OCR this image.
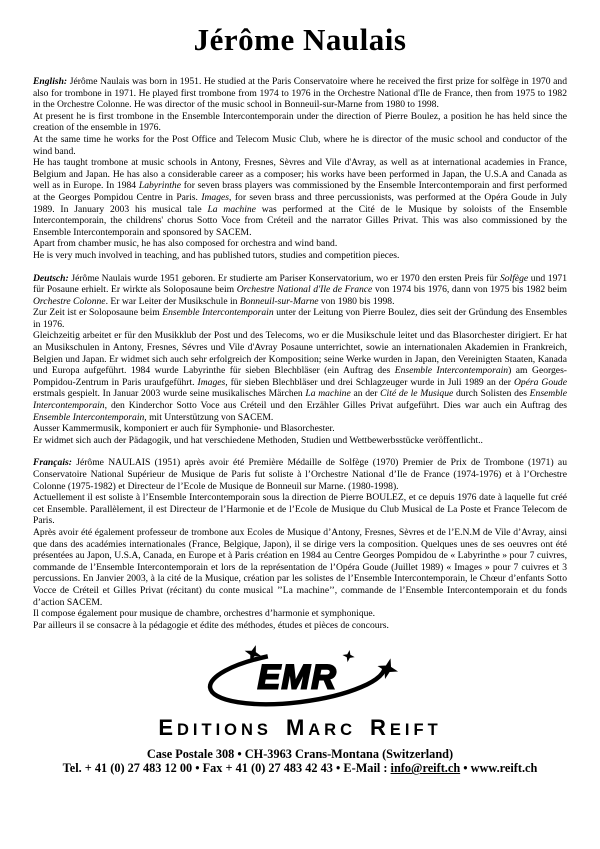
Jérôme Naulais

English: Jérôme Naulais was born in 1951. He studied at the Paris Conservatoire where he received the first prize for solfège in 1970 and also for trombone in 1971. He played first trombone from 1974 to 1976 in the Orchestre National d'Ile de France, then from 1975 to 1982 in the Orchestre Colonne. He was director of the music school in Bonneuil-sur-Marne from 1980 to 1998.

At present he is first trombone in the Ensemble Intercontemporain under the direction of Pierre Boulez, a position he has held since the creation of the ensemble in 1976.

At the same time he works for the Post Office and Telecom Music Club, where he is director of the music school and conductor of the wind band.

He has taught trombone at music schools in Antony, Fresnes, Sèvres and Vile d'Avray, as well as at international academies in France, Belgium and Japan. He has also a considerable career as a composer; his works have been performed in Japan, the U.S.A and Canada as well as in Europe. In 1984 Labyrinthe for seven brass players was commissioned by the Ensemble Intercontemporain and first performed at the Georges Pompidou Centre in Paris. Images, for seven brass and three percussionists, was performed at the Opéra Goude in July 1989. In January 2003 his musical tale La machine was performed at the Cité de le Musique by soloists of the Ensemble Intercontemporain, the childrens' chorus Sotto Voce from Créteil and the narrator Gilles Privat. This was also commissioned by the Ensemble Intercontemporain and sponsored by SACEM.

Apart from chamber music, he has also composed for orchestra and wind band.

He is very much involved in teaching, and has published tutors, studies and competition pieces.

Deutsch: Jérôme Naulais wurde 1951 geboren. Er studierte am Pariser Konservatorium, wo er 1970 den ersten Preis für Solfège und 1971 für Posaune erhielt. Er wirkte als Soloposaune beim Orchestre National d'Ile de France von 1974 bis 1976, dann von 1975 bis 1982 beim Orchestre Colonne. Er war Leiter der Musikschule in Bonneuil-sur-Marne von 1980 bis 1998.

Zur Zeit ist er Soloposaune beim Ensemble Intercontemporain unter der Leitung von Pierre Boulez, dies seit der Gründung des Ensembles in 1976.

Gleichzeitig arbeitet er für den Musikklub der Post und des Telecoms, wo er die Musikschule leitet und das Blasorchester dirigiert. Er hat an Musikschulen in Antony, Fresnes, Sévres und Vile d'Avray Posaune unterrichtet, sowie an internationalen Akademien in Frankreich, Belgien und Japan. Er widmet sich auch sehr erfolgreich der Komposition; seine Werke wurden in Japan, den Vereinigten Staaten, Kanada und Europa aufgeführt. 1984 wurde Labyrinthe für sieben Blechbläser (ein Auftrag des Ensemble Intercontemporain) am Georges-Pompidou-Zentrum in Paris uraufgeführt. Images, für sieben Blechbläser und drei Schlagzeuger wurde in Juli 1989 an der Opéra Goude erstmals gespielt. In Januar 2003 wurde seine musikalisches Märchen La machine an der Cité de le Musique durch Solisten des Ensemble Intercontemporain, den Kinderchor Sotto Voce aus Créteil und den Erzähler Gilles Privat aufgeführt. Dies war auch ein Auftrag des Ensemble Intercontemporain, mit Unterstützung von SACEM.

Ausser Kammermusik, komponiert er auch für Symphonie- und Blasorchester.

Er widmet sich auch der Pädagogik, und hat verschiedene Methoden, Studien und Wettbewerbsstücke veröffentlicht..

Français: Jérôme NAULAIS (1951) après avoir été Première Médaille de Solfège (1970) Premier de Prix de Trombone (1971) au Conservatoire National Supérieur de Musique de Paris fut soliste à l’Orchestre National d’Ile de France (1974-1976) et à l’Orchestre Colonne (1975-1982) et Directeur de l’Ecole de Musique de Bonneuil sur Marne. (1980-1998).

Actuellement il est soliste à l’Ensemble Intercontemporain sous la direction de Pierre BOULEZ, et ce depuis 1976 date à laquelle fut créé cet Ensemble. Parallèlement, il est Directeur de l’Harmonie et de l’Ecole de Musique du Club Musical de La Poste et France Telecom de Paris.

Après avoir été également professeur de trombone aux Ecoles de Musique d’Antony, Fresnes, Sèvres et de l’E.N.M de Vile d’Avray, ainsi que dans des académies internationales (France, Belgique, Japon), il se dirige vers la composition. Quelques unes de ses oeuvres ont été présentées au Japon, U.S.A, Canada, en Europe et à Paris création en 1984 au Centre Georges Pompidou de « Labyrinthe » pour 7 cuivres, commande de l’Ensemble Intercontemporain et lors de la représentation de l’Opéra Goude (Juillet 1989) « Images » pour 7 cuivres et 3 percussions. En Janvier 2003, à la cité de la Musique, création par les solistes de l’Ensemble Intercontemporain, le Chœur d’enfants Sotto Vocce de Créteil et Gilles Privat (récitant) du conte musical ’’La machine’’, commande de l’Ensemble Intercontemporain et du fonds d’action SACEM.

Il compose également pour musique de chambre, orchestres d’harmonie et symphonique.

Par ailleurs il se consacre à la pédagogie et édite des méthodes, études et pièces de concours.

EMR
EDITIONS MARC REIFT
Case Postale 308 • CH-3963 Crans-Montana (Switzerland)
Tel. + 41 (0) 27 483 12 00 • Fax + 41 (0) 27 483 42 43 • E-Mail : info@reift.ch • www.reift.ch
